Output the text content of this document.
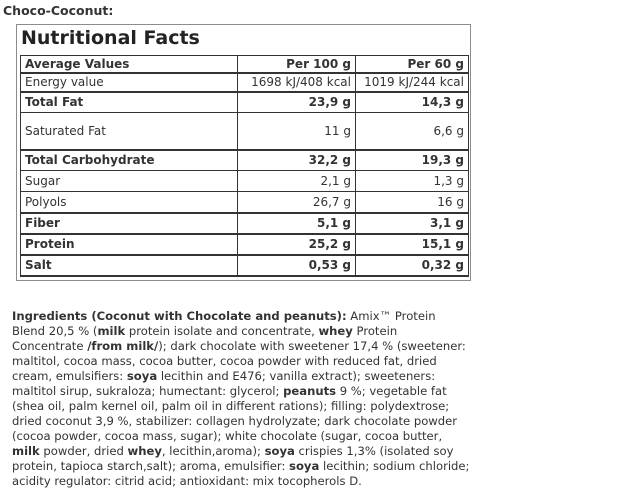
Choco-Coconut:
Nutritional Facts
Average Values	Per 100 g	Per 60 g
Energy value	1698 kJ/408 kcal	1019 kJ/244 kcal
Total Fat	23,9 g	14,3 g
Saturated Fat	11 g	6,6 g
Total Carbohydrate	32,2 g	19,3 g
Sugar	2,1 g	1,3 g
Polyols	26,7 g	16 g
Fiber	5,1 g	3,1 g
Protein	25,2 g	15,1 g
Salt	0,53 g	0,32 g
Ingredients (Coconut with Chocolate and peanuts): Amix™ Protein Blend 20,5 % (milk protein isolate and concentrate, whey Protein Concentrate /from milk/); dark chocolate with sweetener 17,4 % (sweetener: maltitol, cocoa mass, cocoa butter, cocoa powder with reduced fat, dried cream, emulsifiers: soya lecithin and E476; vanilla extract); sweeteners: maltitol sirup, sukraloza; humectant: glycerol; peanuts 9 %; vegetable fat (shea oil, palm kernel oil, palm oil in different rations); filling: polydextrose; dried coconut 3,9 %, stabilizer: collagen hydrolyzate; dark chocolate powder (cocoa powder, cocoa mass, sugar); white chocolate (sugar, cocoa butter, milk powder, dried whey, lecithin,aroma); soya crispies 1,3% (isolated soy protein, tapioca starch,salt); aroma, emulsifier: soya lecithin; sodium chloride; acidity regulator: citrid acid; antioxidant: mix tocopherols D.
